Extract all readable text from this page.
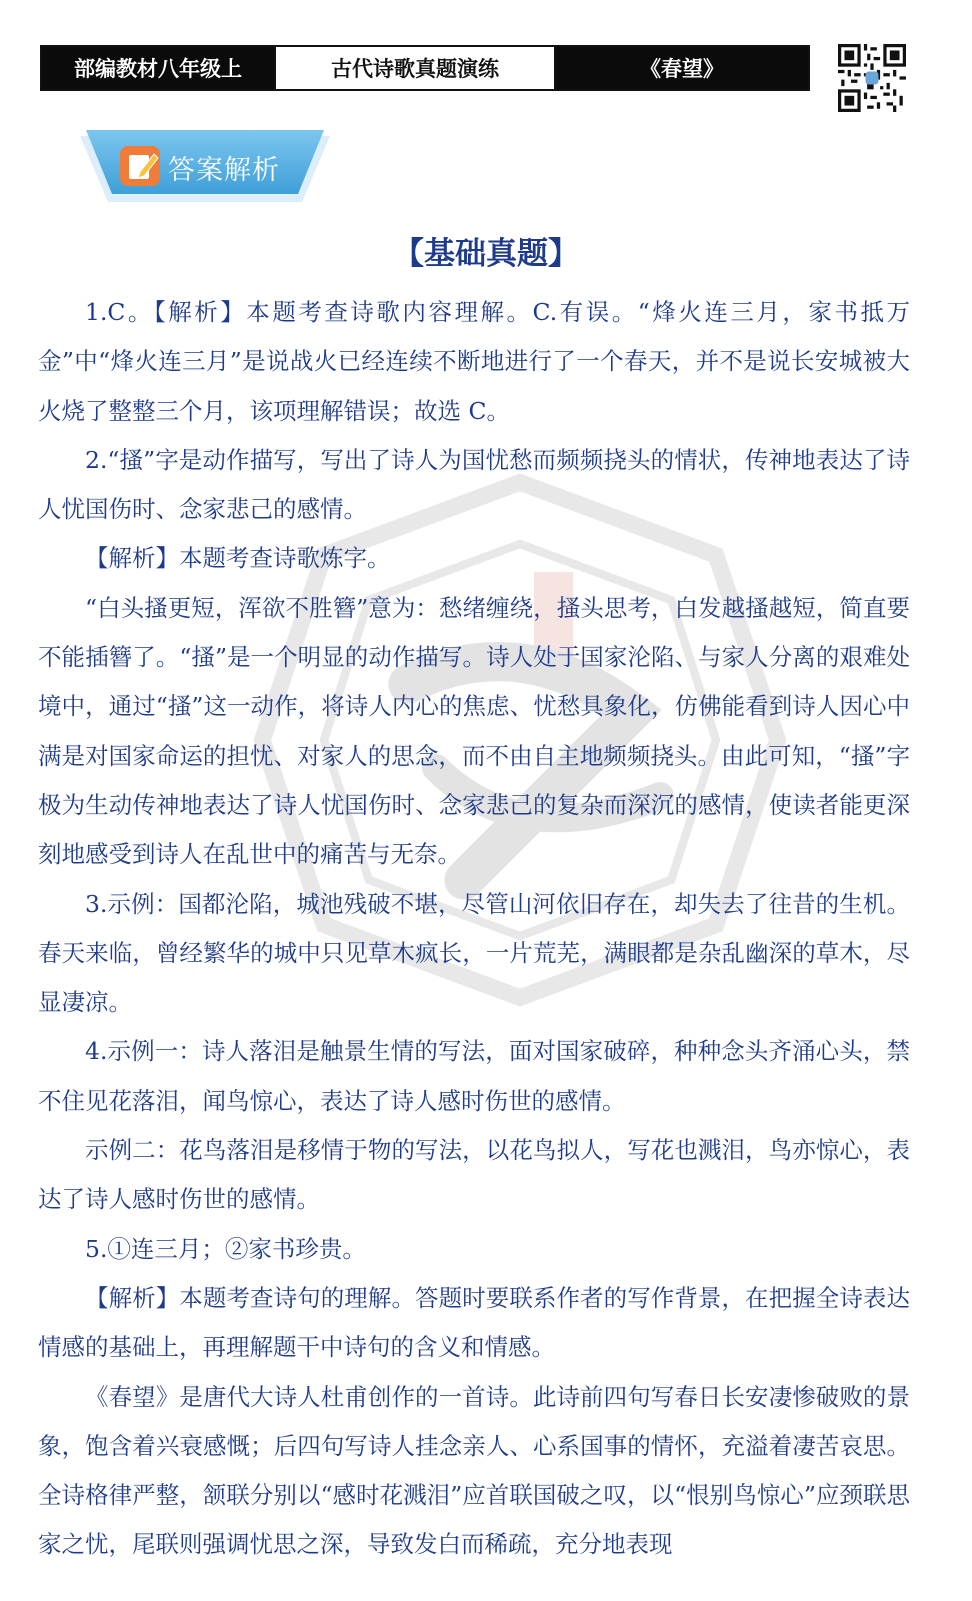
部编教材八年级上	古代诗歌真题演练	《春望》
答案解析
【基础真题】

1.C。【解析】本题考查诗歌内容理解。C.有误。“烽火连三月，家书抵万金”中“烽火连三月”是说战火已经连续不断地进行了一个春天，并不是说长安城被大火烧了整整三个月，该项理解错误；故选 C。

2.“搔”字是动作描写，写出了诗人为国忧愁而频频挠头的情状，传神地表达了诗人忧国伤时、念家悲己的感情。

【解析】本题考查诗歌炼字。

“白头搔更短，浑欲不胜簪”意为：愁绪缠绕，搔头思考，白发越搔越短，简直要不能插簪了。“搔”是一个明显的动作描写。诗人处于国家沦陷、与家人分离的艰难处境中，通过“搔”这一动作，将诗人内心的焦虑、忧愁具象化，仿佛能看到诗人因心中满是对国家命运的担忧、对家人的思念，而不由自主地频频挠头。由此可知，“搔”字极为生动传神地表达了诗人忧国伤时、念家悲己的复杂而深沉的感情，使读者能更深刻地感受到诗人在乱世中的痛苦与无奈。

3.示例：国都沦陷，城池残破不堪，尽管山河依旧存在，却失去了往昔的生机。春天来临，曾经繁华的城中只见草木疯长，一片荒芜，满眼都是杂乱幽深的草木，尽显凄凉。

4.示例一：诗人落泪是触景生情的写法，面对国家破碎，种种念头齐涌心头，禁不住见花落泪，闻鸟惊心，表达了诗人感时伤世的感情。

示例二：花鸟落泪是移情于物的写法，以花鸟拟人，写花也溅泪，鸟亦惊心，表达了诗人感时伤世的感情。

5.①连三月；②家书珍贵。

【解析】本题考查诗句的理解。答题时要联系作者的写作背景，在把握全诗表达情感的基础上，再理解题干中诗句的含义和情感。

《春望》是唐代大诗人杜甫创作的一首诗。此诗前四句写春日长安凄惨破败的景象，饱含着兴衰感慨；后四句写诗人挂念亲人、心系国事的情怀，充溢着凄苦哀思。全诗格律严整，颔联分别以“感时花溅泪”应首联国破之叹，以“恨别鸟惊心”应颈联思家之忧，尾联则强调忧思之深，导致发白而稀疏，充分地表现
